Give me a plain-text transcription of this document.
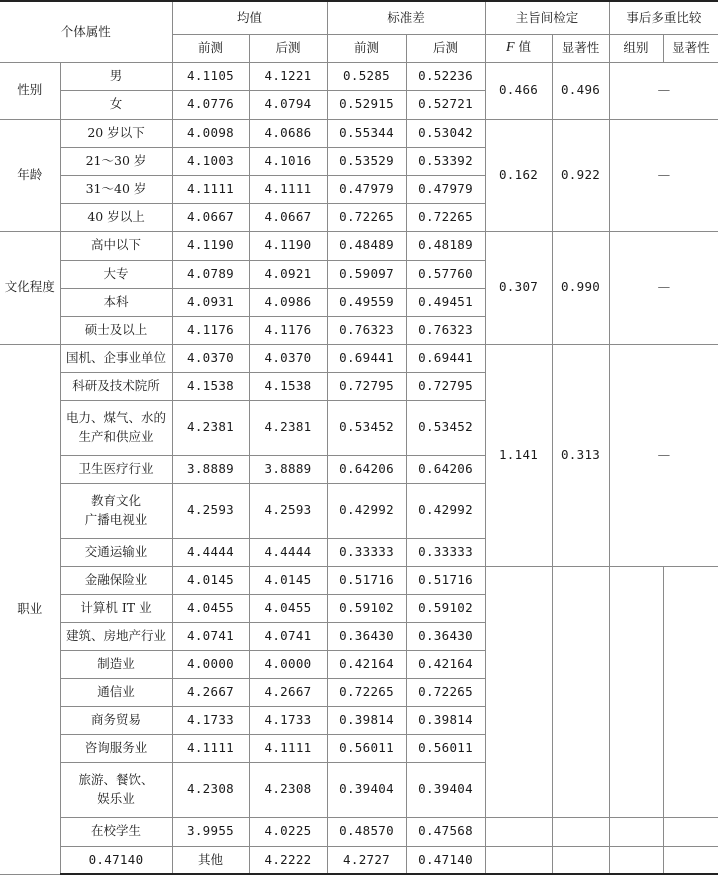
个体属性		均值		标准差		主旨间检定		事后多重比较	
		前测	后测	前测	后测	F 值	显著性	组别	显著性
性别	男	4.1105	4.1221	0.5285	0.52236	0.466	0.496	—	
	女	4.0776	4.0794	0.52915	0.52721				
年龄	20 岁以下	4.0098	4.0686	0.55344	0.53042	0.162	0.922	—	
	21～30 岁	4.1003	4.1016	0.53529	0.53392				
	31～40 岁	4.1111	4.1111	0.47979	0.47979				
	40 岁以上	4.0667	4.0667	0.72265	0.72265				
文化程度	高中以下	4.1190	4.1190	0.48489	0.48189	0.307	0.990	—	
	大专	4.0789	4.0921	0.59097	0.57760				
	本科	4.0931	4.0986	0.49559	0.49451				
	硕士及以上	4.1176	4.1176	0.76323	0.76323				
职业	国机、企事业单位	4.0370	4.0370	0.69441	0.69441	1.141	0.313	—	
	科研及技术院所	4.1538	4.1538	0.72795	0.72795				
	电力、煤气、水的
生产和供应业	4.2381	4.2381	0.53452	0.53452				
	卫生医疗行业	3.8889	3.8889	0.64206	0.64206				
	教育文化
广播电视业	4.2593	4.2593	0.42992	0.42992				
	交通运输业	4.4444	4.4444	0.33333	0.33333				
	金融保险业	4.0145	4.0145	0.51716	0.51716				
	计算机 IT 业	4.0455	4.0455	0.59102	0.59102				
	建筑、房地产行业	4.0741	4.0741	0.36430	0.36430				
	制造业	4.0000	4.0000	0.42164	0.42164				
	通信业	4.2667	4.2667	0.72265	0.72265				
	商务贸易	4.1733	4.1733	0.39814	0.39814				
	咨询服务业	4.1111	4.1111	0.56011	0.56011				
	旅游、餐饮、
娱乐业	4.2308	4.2308	0.39404	0.39404				
	在校学生	3.9955	4.0225	0.48570	0.47568				
	0.47140	其他	4.2222	4.2727	0.47140				
